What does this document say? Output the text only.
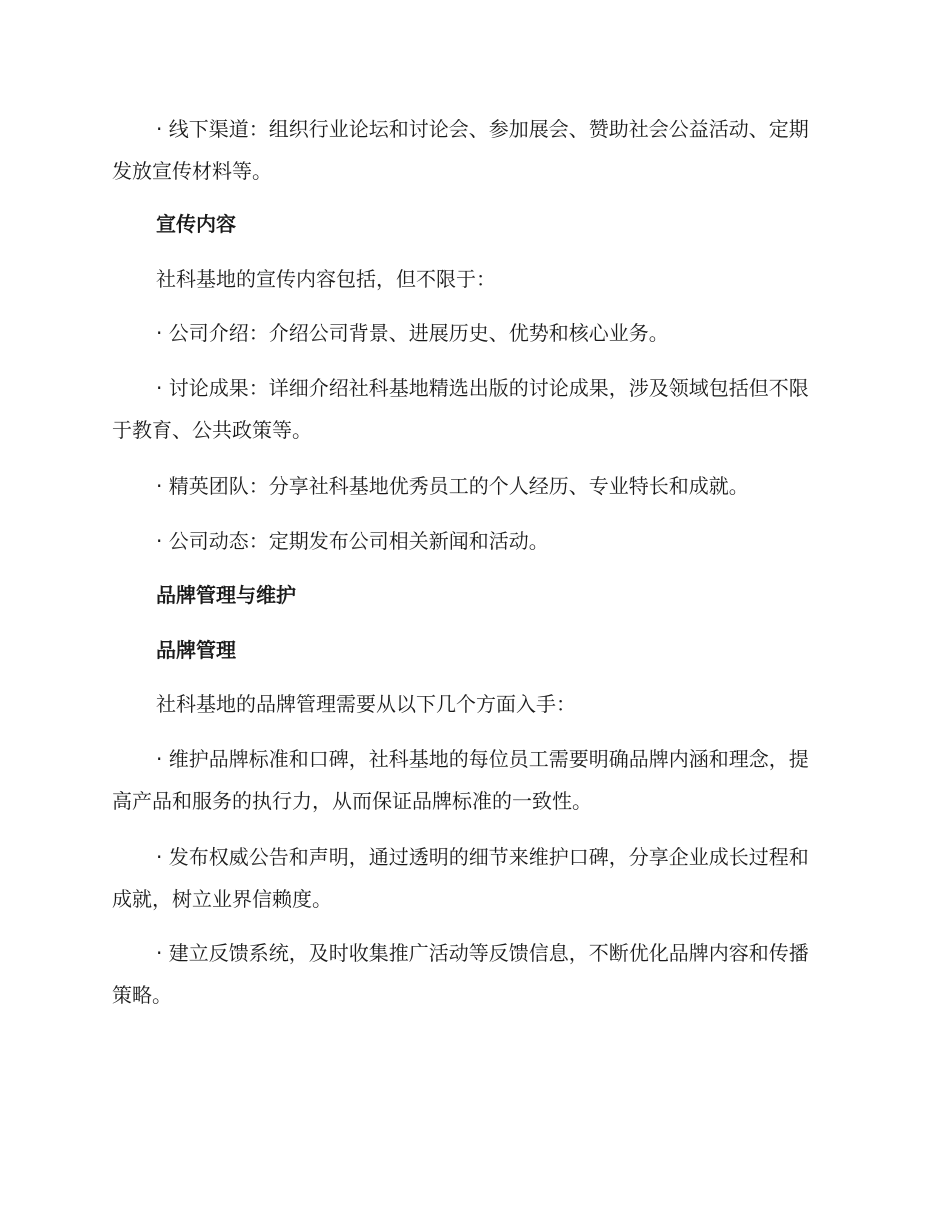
· 线下渠道：组织行业论坛和讨论会、参加展会、赞助社会公益活动、定期发放宣传材料等。

宣传内容

社科基地的宣传内容包括，但不限于：

· 公司介绍：介绍公司背景、进展历史、优势和核心业务。

· 讨论成果：详细介绍社科基地精选出版的讨论成果，涉及领域包括但不限于教育、公共政策等。

· 精英团队：分享社科基地优秀员工的个人经历、专业特长和成就。

· 公司动态：定期发布公司相关新闻和活动。

品牌管理与维护

品牌管理

社科基地的品牌管理需要从以下几个方面入手：

· 维护品牌标准和口碑，社科基地的每位员工需要明确品牌内涵和理念，提高产品和服务的执行力，从而保证品牌标准的一致性。

· 发布权威公告和声明，通过透明的细节来维护口碑，分享企业成长过程和成就，树立业界信赖度。

· 建立反馈系统，及时收集推广活动等反馈信息，不断优化品牌内容和传播策略。
